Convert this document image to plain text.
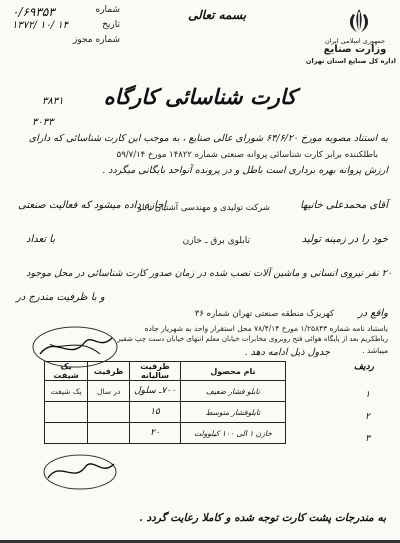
جمهوری اسلامی ایران
وزارت صنایع
اداره کل صنایع استان تهران
بسمه تعالی
شماره
۰/۶۹۳۵۳
تاریخ
۱۳۷۲/ ۱۰/ ۱۴
شماره مجوز
کارت شناسائی کارگاه
۳۸۳۱
۳۰۳۳
به استناد مصوبه مورخ ۶۴/۶/۲۰ شورای عالی صنایع ، به موجب این کارت شناسائی که دارای
باطلکننده برابر کارت شناسائی پروانه صنعتی شماره ۱۴۸۲۲ مورخ ۵۹/۷/۱۴
ارزش پروانه بهره برداری است باطل و در پرونده آنواحد بایگانی میگردد .
آقای محمدعلی خانیها
شرکت تولیدی و مهندسی آشتیان تابلو
اجازه داده میشود که فعالیت صنعتی
خود را در زمینه تولید
تابلوی برق ـ خازن
با تعداد
۲۰ نفر نیروی انسانی و ماشین آلات نصب شده در زمان صدور کارت شناسائی در محل موجود
و با ظرفیت مندرج در
واقع در
کهریزک منطقه صنعتی تهران شماره ۳۶
باستناد نامه شماره ۱/۲۵۸۴۳ مورخ ۷۸/۴/۱۴ محل استقرار واحد به شهریار جاده
رباطکریم بعد از پایگاه هوائی فتح روبروی مخابرات خیابان معلم انتهای خیابان دست چپ شقیر
میباشد .
جدول ذیل ادامه دهد .
ردیف
۱
۲
۳
نام محصول	ظرفیت سالیانه	ظرفیت	یک شیفت
تابلو فشار ضعیف	۷۰۰ـ سلول	در سال	یک شیفت
تابلوفشار متوسط	۱۵		
خازن ۱ الی ۱۰۰ کیلوولت	۲۰		
به مندرجات پشت کارت توجه شده و کاملا رعایت گردد .
